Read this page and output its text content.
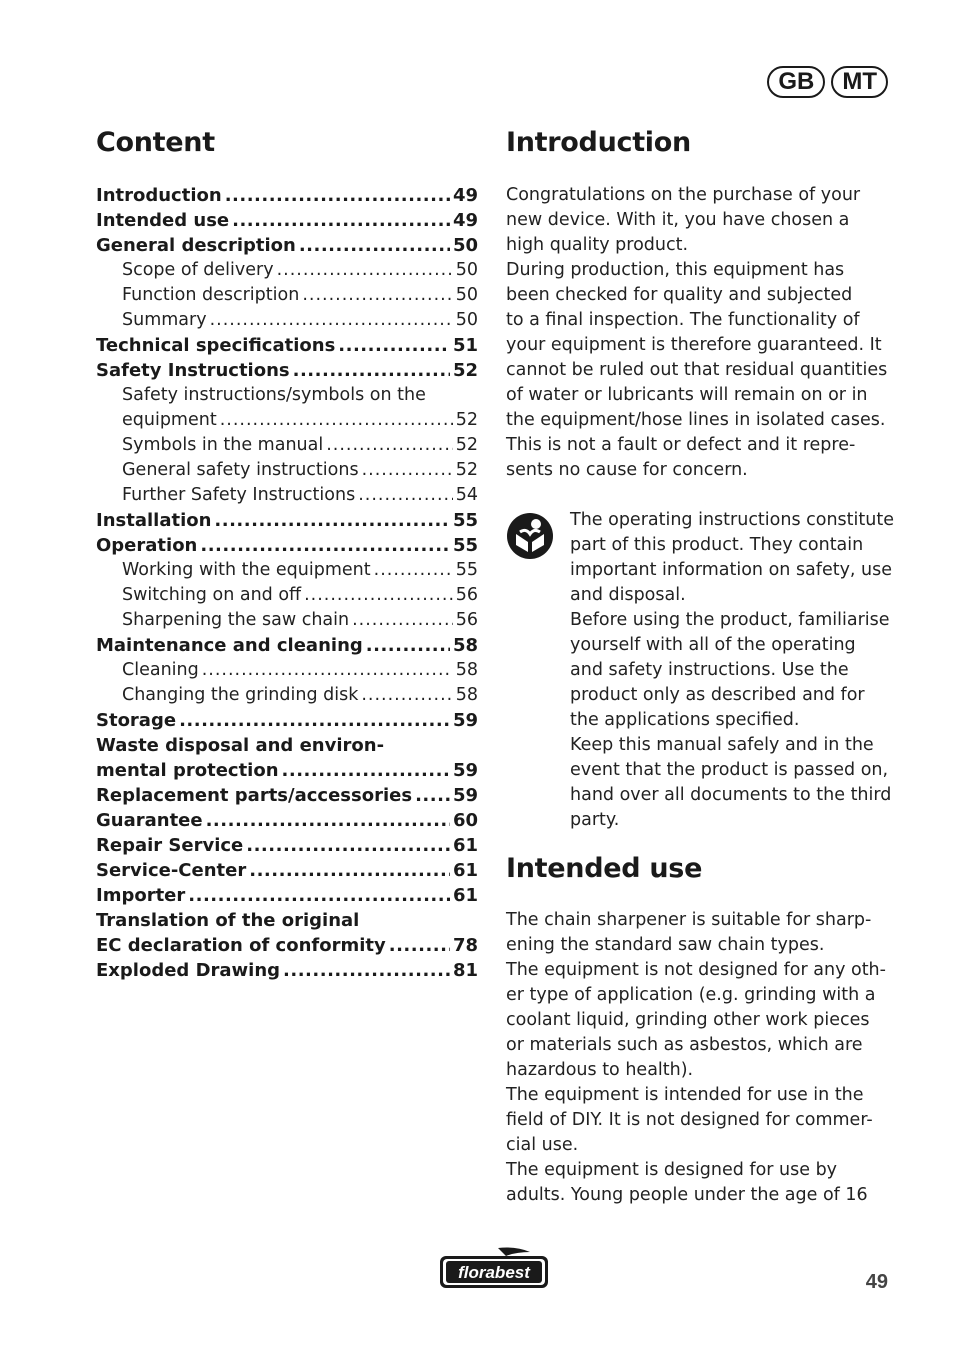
GB	MT
Content
Introduction .....	49
Intended use .....	49
General description .....	50
Scope of delivery .....	50
Function description .....	50
Summary .....	50
Technical specifications .....	51
Safety Instructions .....	52
Safety instructions/symbols on the
equipment .....	52
Symbols in the manual .....	52
General safety instructions .....	52
Further Safety Instructions .....	54
Installation .....	55
Operation .....	55
Working with the equipment .....	55
Switching on and off .....	56
Sharpening the saw chain .....	56
Maintenance and cleaning .....	58
Cleaning .....	58
Changing the grinding disk .....	58
Storage .....	59
Waste disposal and environ-
mental protection .....	59
Replacement parts/accessories ..... 59
Guarantee .....	60
Repair Service .....	61
Service-Center .....	61
Importer .....	61
Translation of the original
EC declaration of conformity .....	78
Exploded Drawing .....	81
Introduction

Congratulations on the purchase of your

new device. With it, you have chosen a

high quality product.

During production, this equipment has

been checked for quality and subjected

to a final inspection. The functionality of

your equipment is therefore guaranteed. It

cannot be ruled out that residual quantities

of water or lubricants will remain on or in

the equipment/hose lines in isolated cases.

This is not a fault or defect and it repre-

sents no cause for concern.

The operating instructions constitute

part of this product. They contain

important information on safety, use

and disposal.

Before using the product, familiarise

yourself with all of the operating

and safety instructions. Use the

product only as described and for

the applications specified.

Keep this manual safely and in the

event that the product is passed on,

hand over all documents to the third

party.

Intended use

The chain sharpener is suitable for sharp-

ening the standard saw chain types.

The equipment is not designed for any oth-

er type of application (e.g. grinding with a

coolant liquid, grinding other work pieces

or materials such as asbestos, which are

hazardous to health).

The equipment is intended for use in the

field of DIY. It is not designed for commer-

cial use.

The equipment is designed for use by

adults. Young people under the age of 16

florabest	49
